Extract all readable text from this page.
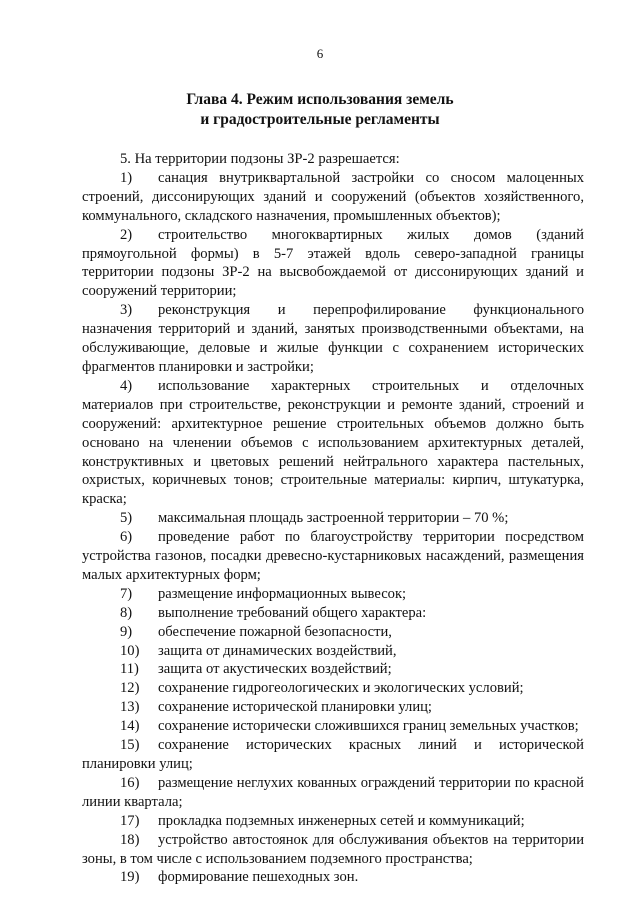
6
Глава 4. Режим использования земель
и градостроительные регламенты

5. На территории подзоны ЗР-2 разрешается:

1) санация внутриквартальной застройки со сносом малоценных строений, диссонирующих зданий и сооружений (объектов хозяйственного, коммунального, складского назначения, промышленных объектов);

2) строительство многоквартирных жилых домов (зданий прямоугольной формы) в 5-7 этажей вдоль северо-западной границы территории подзоны ЗР-2 на высвобождаемой от диссонирующих зданий и сооружений территории;

3) реконструкция и перепрофилирование функционального назначения территорий и зданий, занятых производственными объектами, на обслуживающие, деловые и жилые функции с сохранением исторических фрагментов планировки и застройки;

4) использование характерных строительных и отделочных материалов при строительстве, реконструкции и ремонте зданий, строений и сооружений: архитектурное решение строительных объемов должно быть основано на членении объемов с использованием архитектурных деталей, конструктивных и цветовых решений нейтрального характера пастельных, охристых, коричневых тонов; строительные материалы: кирпич, штукатурка, краска;

5) максимальная площадь застроенной территории – 70 %;

6) проведение работ по благоустройству территории посредством устройства газонов, посадки древесно-кустарниковых насаждений, размещения малых архитектурных форм;

7) размещение информационных вывесок;

8) выполнение требований общего характера:

9) обеспечение пожарной безопасности,

10) защита от динамических воздействий,

11) защита от акустических воздействий;

12) сохранение гидрогеологических и экологических условий;

13) сохранение исторической планировки улиц;

14) сохранение исторически сложившихся границ земельных участков;

15) сохранение исторических красных линий и исторической планировки улиц;

16) размещение неглухих кованных ограждений территории по красной линии квартала;

17) прокладка подземных инженерных сетей и коммуникаций;

18) устройство автостоянок для обслуживания объектов на территории зоны, в том числе с использованием подземного пространства;

19) формирование пешеходных зон.
